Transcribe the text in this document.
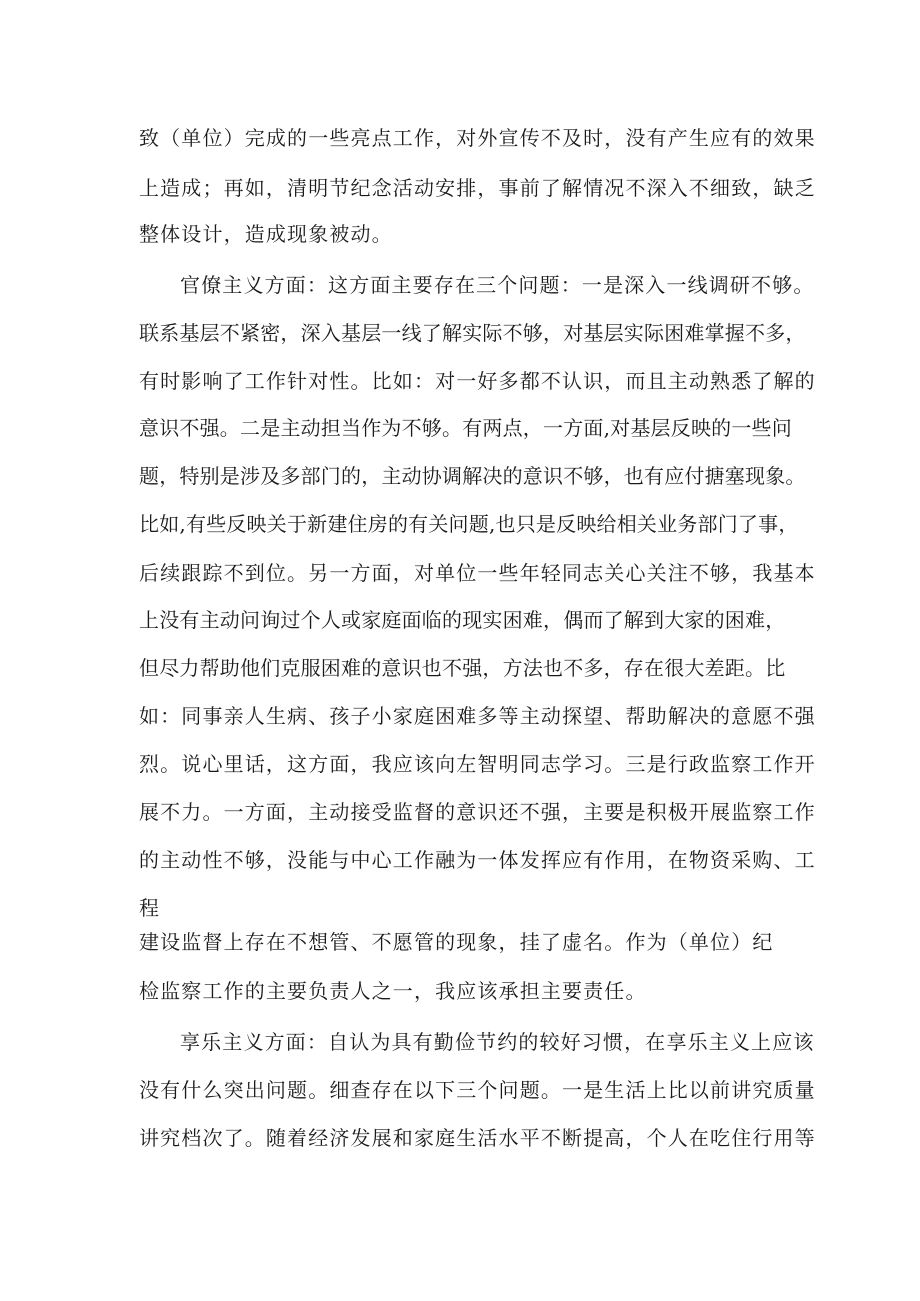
致（单位）完成的一些亮点工作，对外宣传不及时，没有产生应有的效果

上造成；再如，清明节纪念活动安排，事前了解情况不深入不细致，缺乏

整体设计，造成现象被动。

官僚主义方面：这方面主要存在三个问题：一是深入一线调研不够。

联系基层不紧密，深入基层一线了解实际不够，对基层实际困难掌握不多，

有时影响了工作针对性。比如：对一好多都不认识，而且主动熟悉了解的

意识不强。二是主动担当作为不够。有两点，一方面,对基层反映的一些问

题，特别是涉及多部门的，主动协调解决的意识不够，也有应付搪塞现象。

比如,有些反映关于新建住房的有关问题,也只是反映给相关业务部门了事，

后续跟踪不到位。另一方面，对单位一些年轻同志关心关注不够，我基本

上没有主动问询过个人或家庭面临的现实困难，偶而了解到大家的困难，

但尽力帮助他们克服困难的意识也不强，方法也不多，存在很大差距。比

如：同事亲人生病、孩子小家庭困难多等主动探望、帮助解决的意愿不强

烈。说心里话，这方面，我应该向左智明同志学习。三是行政监察工作开

展不力。一方面，主动接受监督的意识还不强，主要是积极开展监察工作

的主动性不够，没能与中心工作融为一体发挥应有作用，在物资采购、工

程

建设监督上存在不想管、不愿管的现象，挂了虚名。作为（单位）纪

检监察工作的主要负责人之一，我应该承担主要责任。

享乐主义方面：自认为具有勤俭节约的较好习惯，在享乐主义上应该

没有什么突出问题。细查存在以下三个问题。一是生活上比以前讲究质量

讲究档次了。随着经济发展和家庭生活水平不断提高，个人在吃住行用等
